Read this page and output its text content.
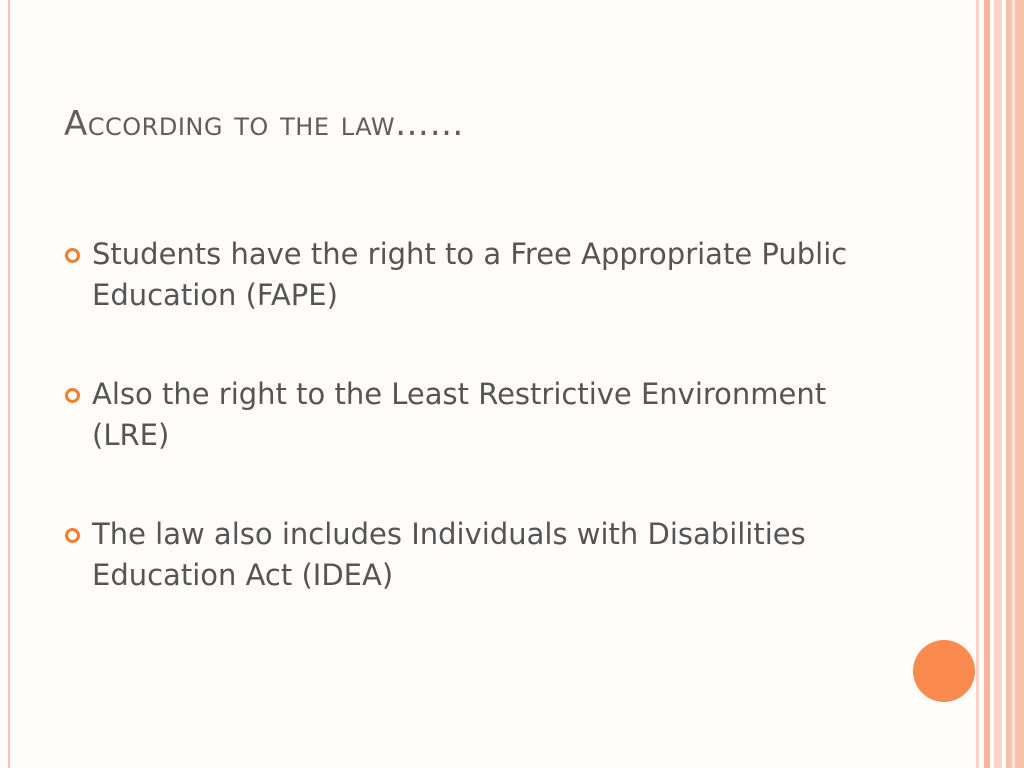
According to the law……
Students have the right to a Free Appropriate Public Education (FAPE)
Also the right to the Least Restrictive Environment (LRE)
The law also includes Individuals with Disabilities Education Act (IDEA)
